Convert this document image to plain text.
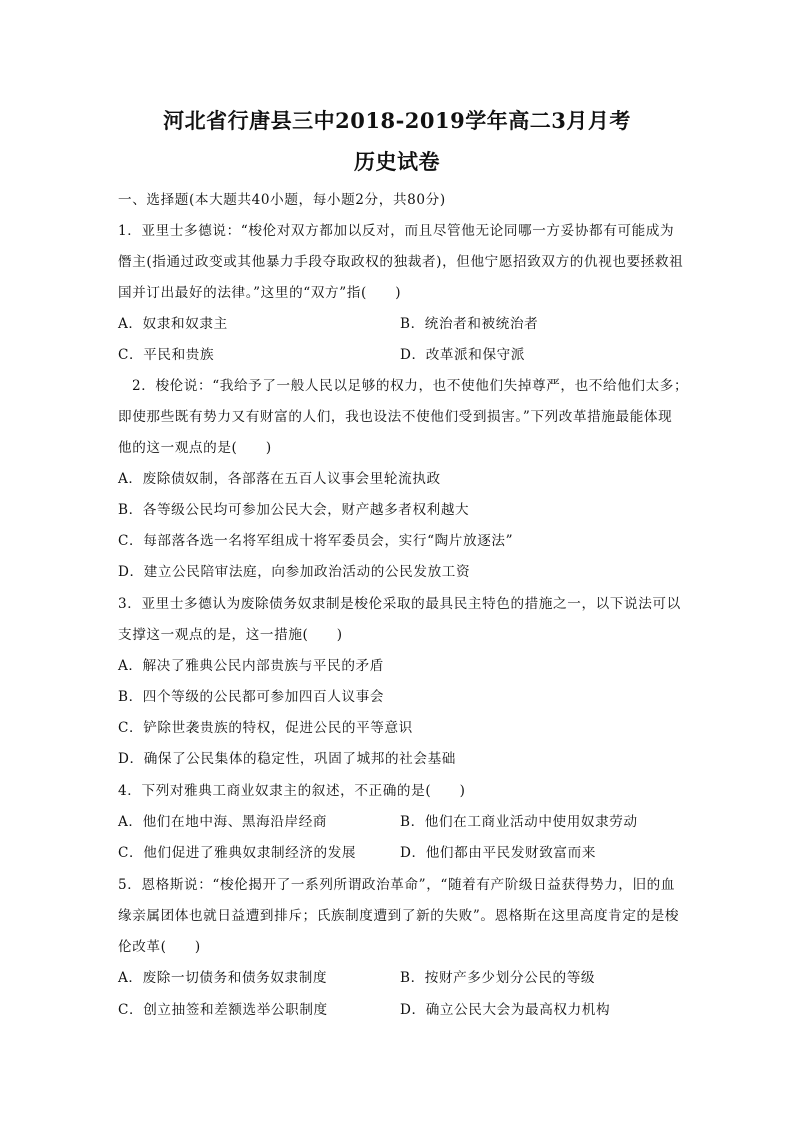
河北省行唐县三中2018-2019学年高二3月月考
历史试卷
一、选择题(本大题共40小题，每小题2分，共80分)
1．亚里士多德说：“梭伦对双方都加以反对，而且尽管他无论同哪一方妥协都有可能成为
僭主(指通过政变或其他暴力手段夺取政权的独裁者)，但他宁愿招致双方的仇视也要拯救祖
国并订出最好的法律。”这里的“双方”指(　　)
A．奴隶和奴隶主	B．统治者和被统治者
C．平民和贵族	D．改革派和保守派
2．梭伦说：“我给予了一般人民以足够的权力，也不使他们失掉尊严，也不给他们太多；
即使那些既有势力又有财富的人们，我也设法不使他们受到损害。”下列改革措施最能体现
他的这一观点的是(　　)
A．废除债奴制，各部落在五百人议事会里轮流执政
B．各等级公民均可参加公民大会，财产越多者权利越大
C．每部落各选一名将军组成十将军委员会，实行“陶片放逐法”
D．建立公民陪审法庭，向参加政治活动的公民发放工资
3．亚里士多德认为废除债务奴隶制是梭伦采取的最具民主特色的措施之一，以下说法可以
支撑这一观点的是，这一措施(　　)
A．解决了雅典公民内部贵族与平民的矛盾
B．四个等级的公民都可参加四百人议事会
C．铲除世袭贵族的特权，促进公民的平等意识
D．确保了公民集体的稳定性，巩固了城邦的社会基础
4．下列对雅典工商业奴隶主的叙述，不正确的是(　　)
A．他们在地中海、黑海沿岸经商	B．他们在工商业活动中使用奴隶劳动
C．他们促进了雅典奴隶制经济的发展	D．他们都由平民发财致富而来
5．恩格斯说：“梭伦揭开了一系列所谓政治革命”，“随着有产阶级日益获得势力，旧的血
缘亲属团体也就日益遭到排斥；氏族制度遭到了新的失败”。恩格斯在这里高度肯定的是梭
伦改革(　　)
A．废除一切债务和债务奴隶制度	B．按财产多少划分公民的等级
C．创立抽签和差额选举公职制度	D．确立公民大会为最高权力机构
